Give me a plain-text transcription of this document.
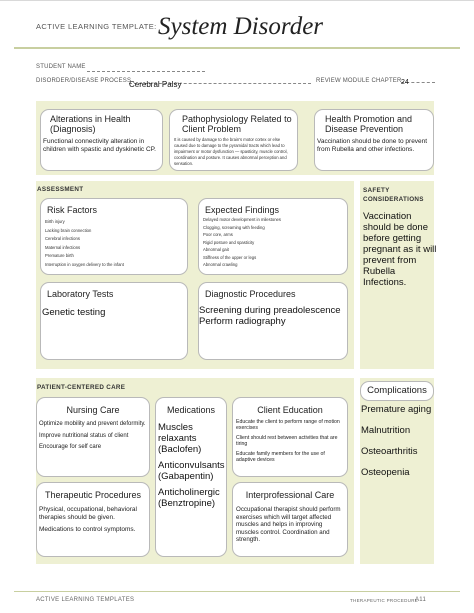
ACTIVE LEARNING TEMPLATE: System Disorder
STUDENT NAME
DISORDER/DISEASE PROCESS
Cerebral Palsy	REVIEW MODULE CHAPTER 24
Alterations in Health (Diagnosis)
Functional connectivity alteration in children with spastic and dyskinetic CP.
Pathophysiology Related to Client Problem
It is caused by damage to the brain's motor cortex or else caused due to damage to the pyramidal tracts which lead to impairment or motor dysfunction — spasticity, muscle control, coordination and posture. It causes abnormal perception and sensation.
Health Promotion and Disease Prevention
Vaccination should be done to prevent from Rubella and other infections.
ASSESSMENT
Risk Factors
Birth injury
Lacking brain connection
Cerebral infections
Maternal infections
Premature birth
Interruption in oxygen delivery to the infant
Expected Findings
Delayed motor development in milestones
Clogging, screaming with feeding
Poor core, arms
Rigid posture and spasticity
Abnormal gait
Stiffness of the upper or legs
Abnormal crawling
Laboratory Tests
Genetic testing
Diagnostic Procedures
Screening during preadolescence
Perform radiography
SAFETY CONSIDERATIONS
Vaccination should be done before getting pregnant as it will prevent from Rubella Infections.
PATIENT-CENTERED CARE
Nursing Care
Optimize mobility and prevent deformity.
Improve nutritional status of client
Encourage for self care
Medications
Muscles relaxants (Baclofen)
Anticonvulsants (Gabapentin)
Anticholinergic (Benztropine)
Client Education
Educate the client to perform range of motion exercises
Client should rest between activities that are tiring
Educate family members for the use of adaptive devices
Therapeutic Procedures
Physical, occupational, behavioral therapies should be given.
Medications to control symptoms.
Interprofessional Care
Occupational therapist should perform exercises which will target affected muscles and helps in improving muscles control. Coordination and strength.
Complications
Premature aging
Malnutrition
Osteoarthritis
Osteopenia
ACTIVE LEARNING TEMPLATES	THERAPEUTIC PROCEDURE
A11
